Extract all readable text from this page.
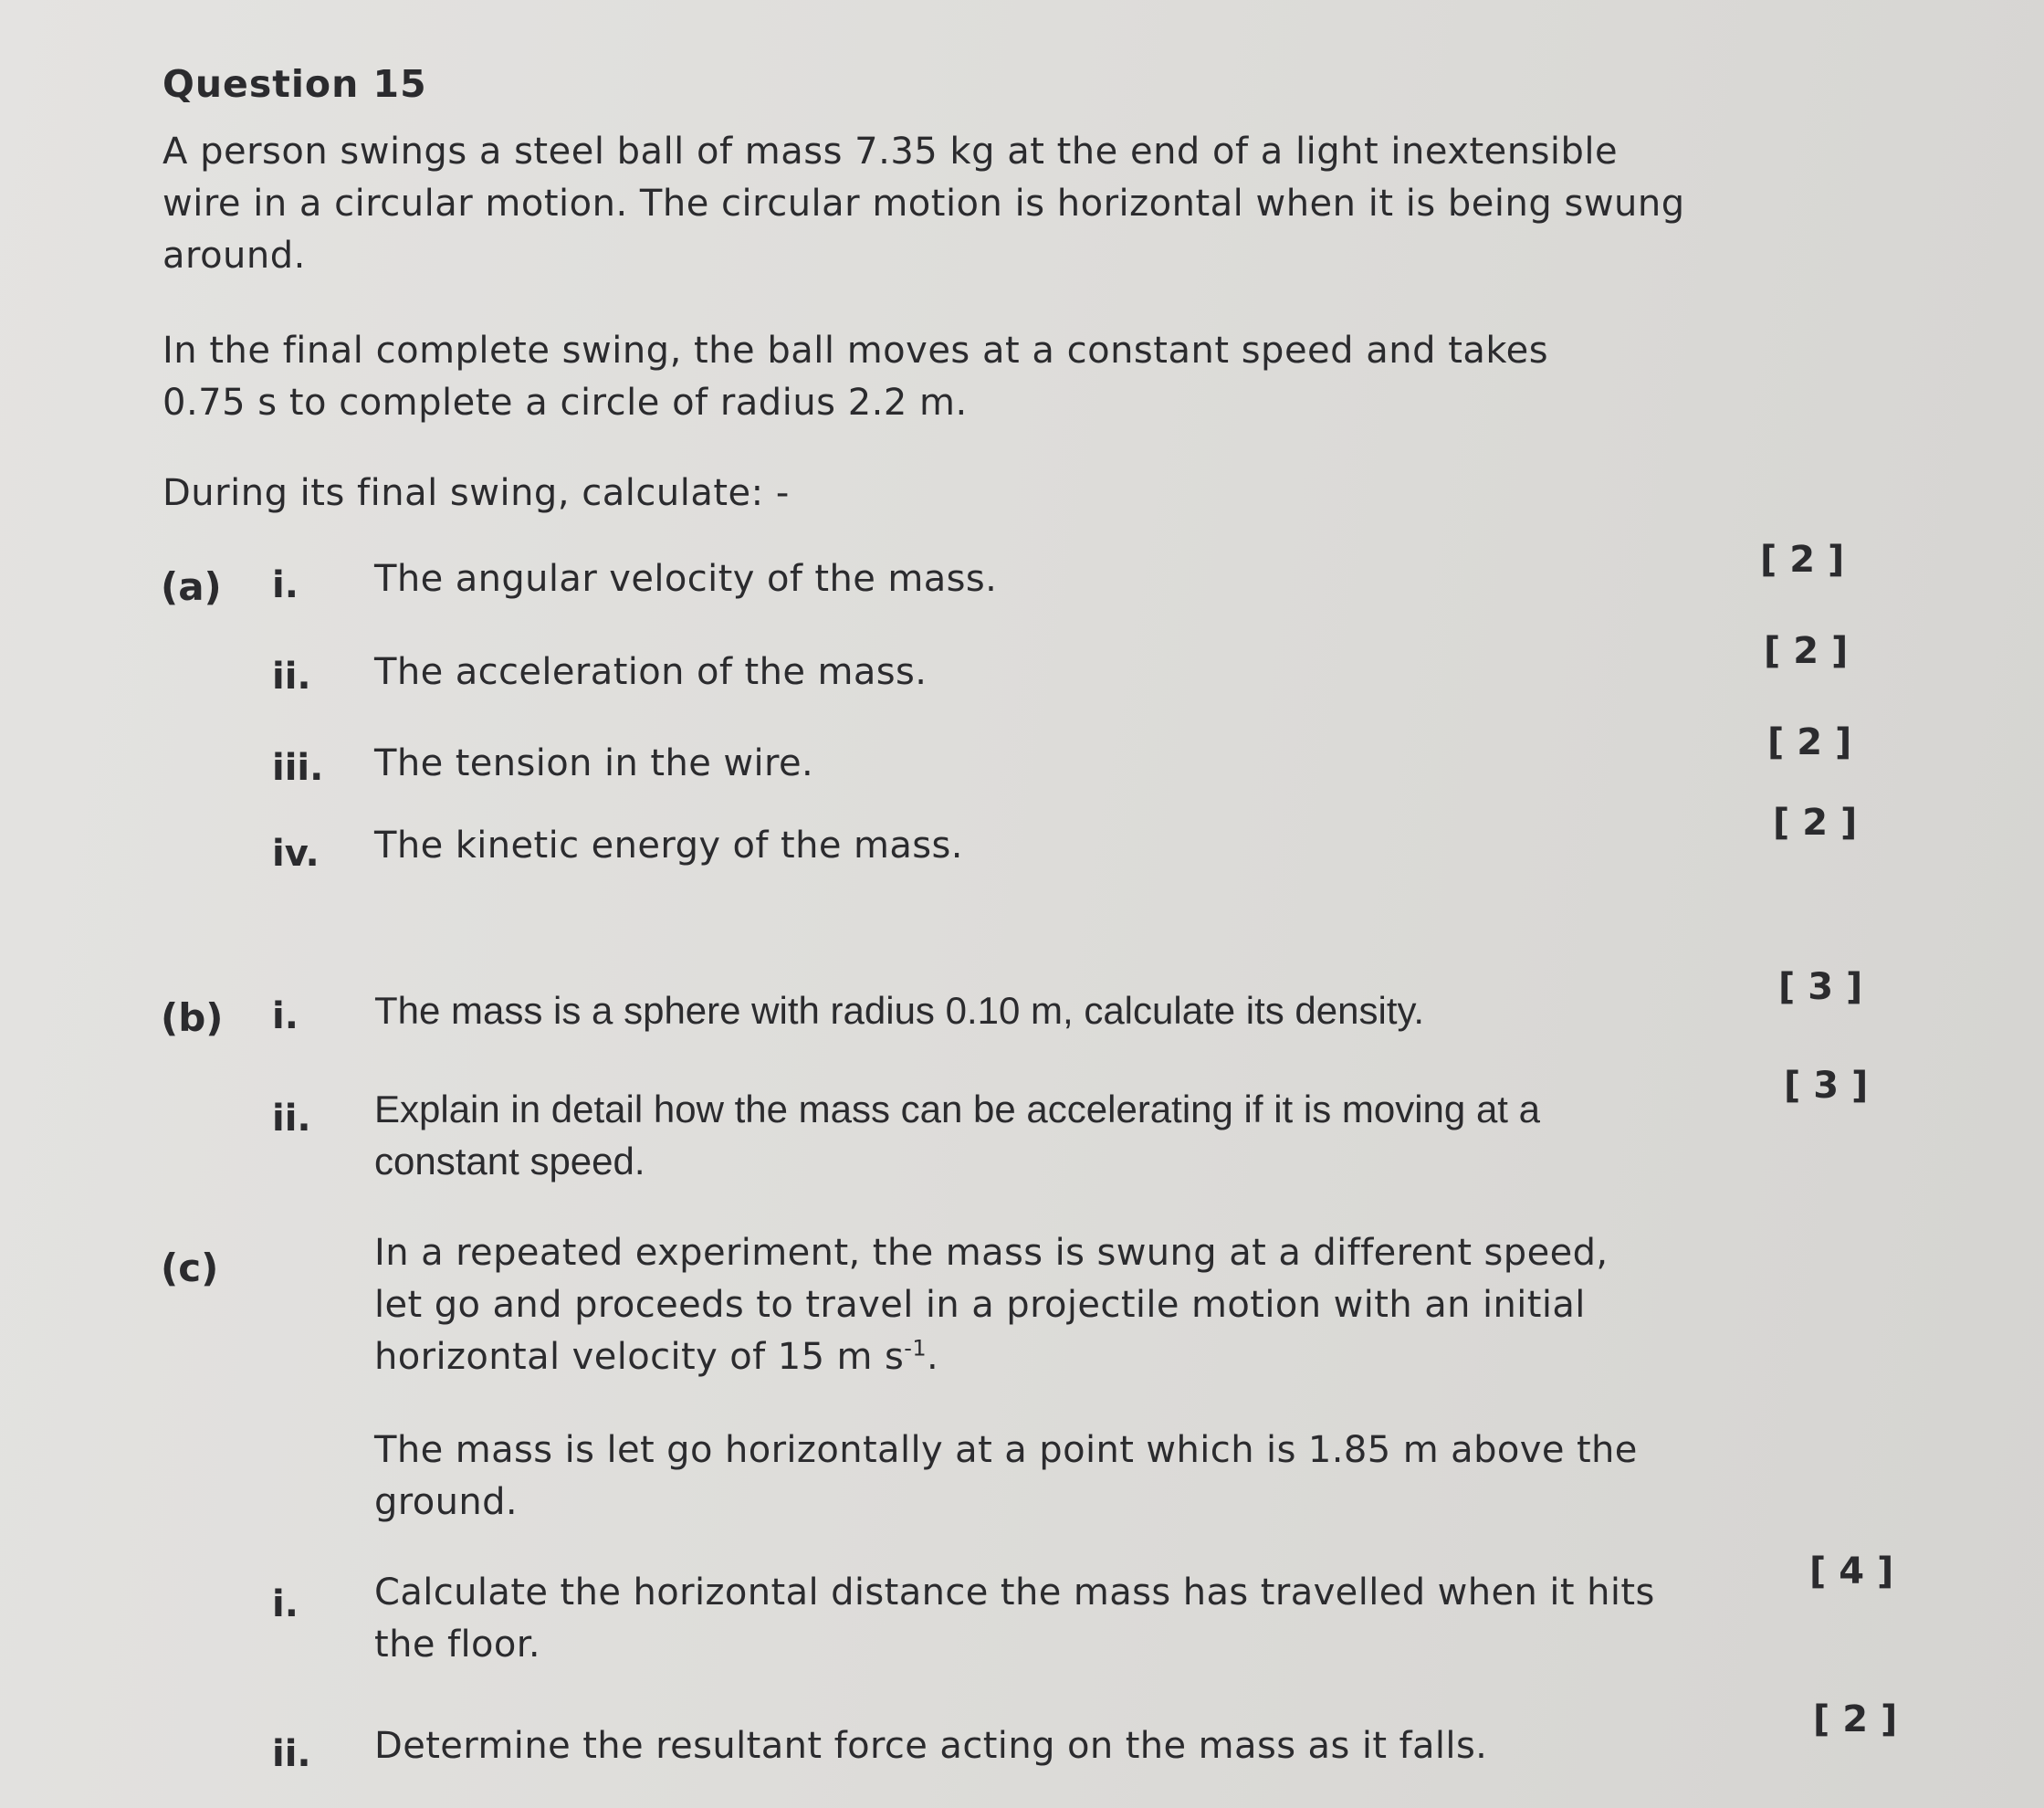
Question 15
A person swings a steel ball of mass 7.35 kg at the end of a light inextensible
wire in a circular motion. The circular motion is horizontal when it is being swung
around.
In the final complete swing, the ball moves at a constant speed and takes
0.75 s to complete a circle of radius 2.2 m.
During its final swing, calculate: -
(a) i. The angular velocity of the mass.	[ 2 ]
ii. The acceleration of the mass.	[ 2 ]
iii. The tension in the wire.	[ 2 ]
iv. The kinetic energy of the mass.
[ 2 ]
(b) i. The mass is a sphere with radius 0.10 m, calculate its density.
[ 3 ]
ii. Explain in detail how the mass can be accelerating if it is moving at a
constant speed.
[ 3 ]
(c)	In a repeated experiment, the mass is swung at a different speed,
let go and proceeds to travel in a projectile motion with an initial
horizontal velocity of 15 m $s^{-1}$.
The mass is let go horizontally at a point which is 1.85 m above the
ground.
i. Calculate the horizontal distance the mass has travelled when it hits
the floor.
[ 4 ]
ii. Determine the resultant force acting on the mass as it falls.
[ 2 ]
